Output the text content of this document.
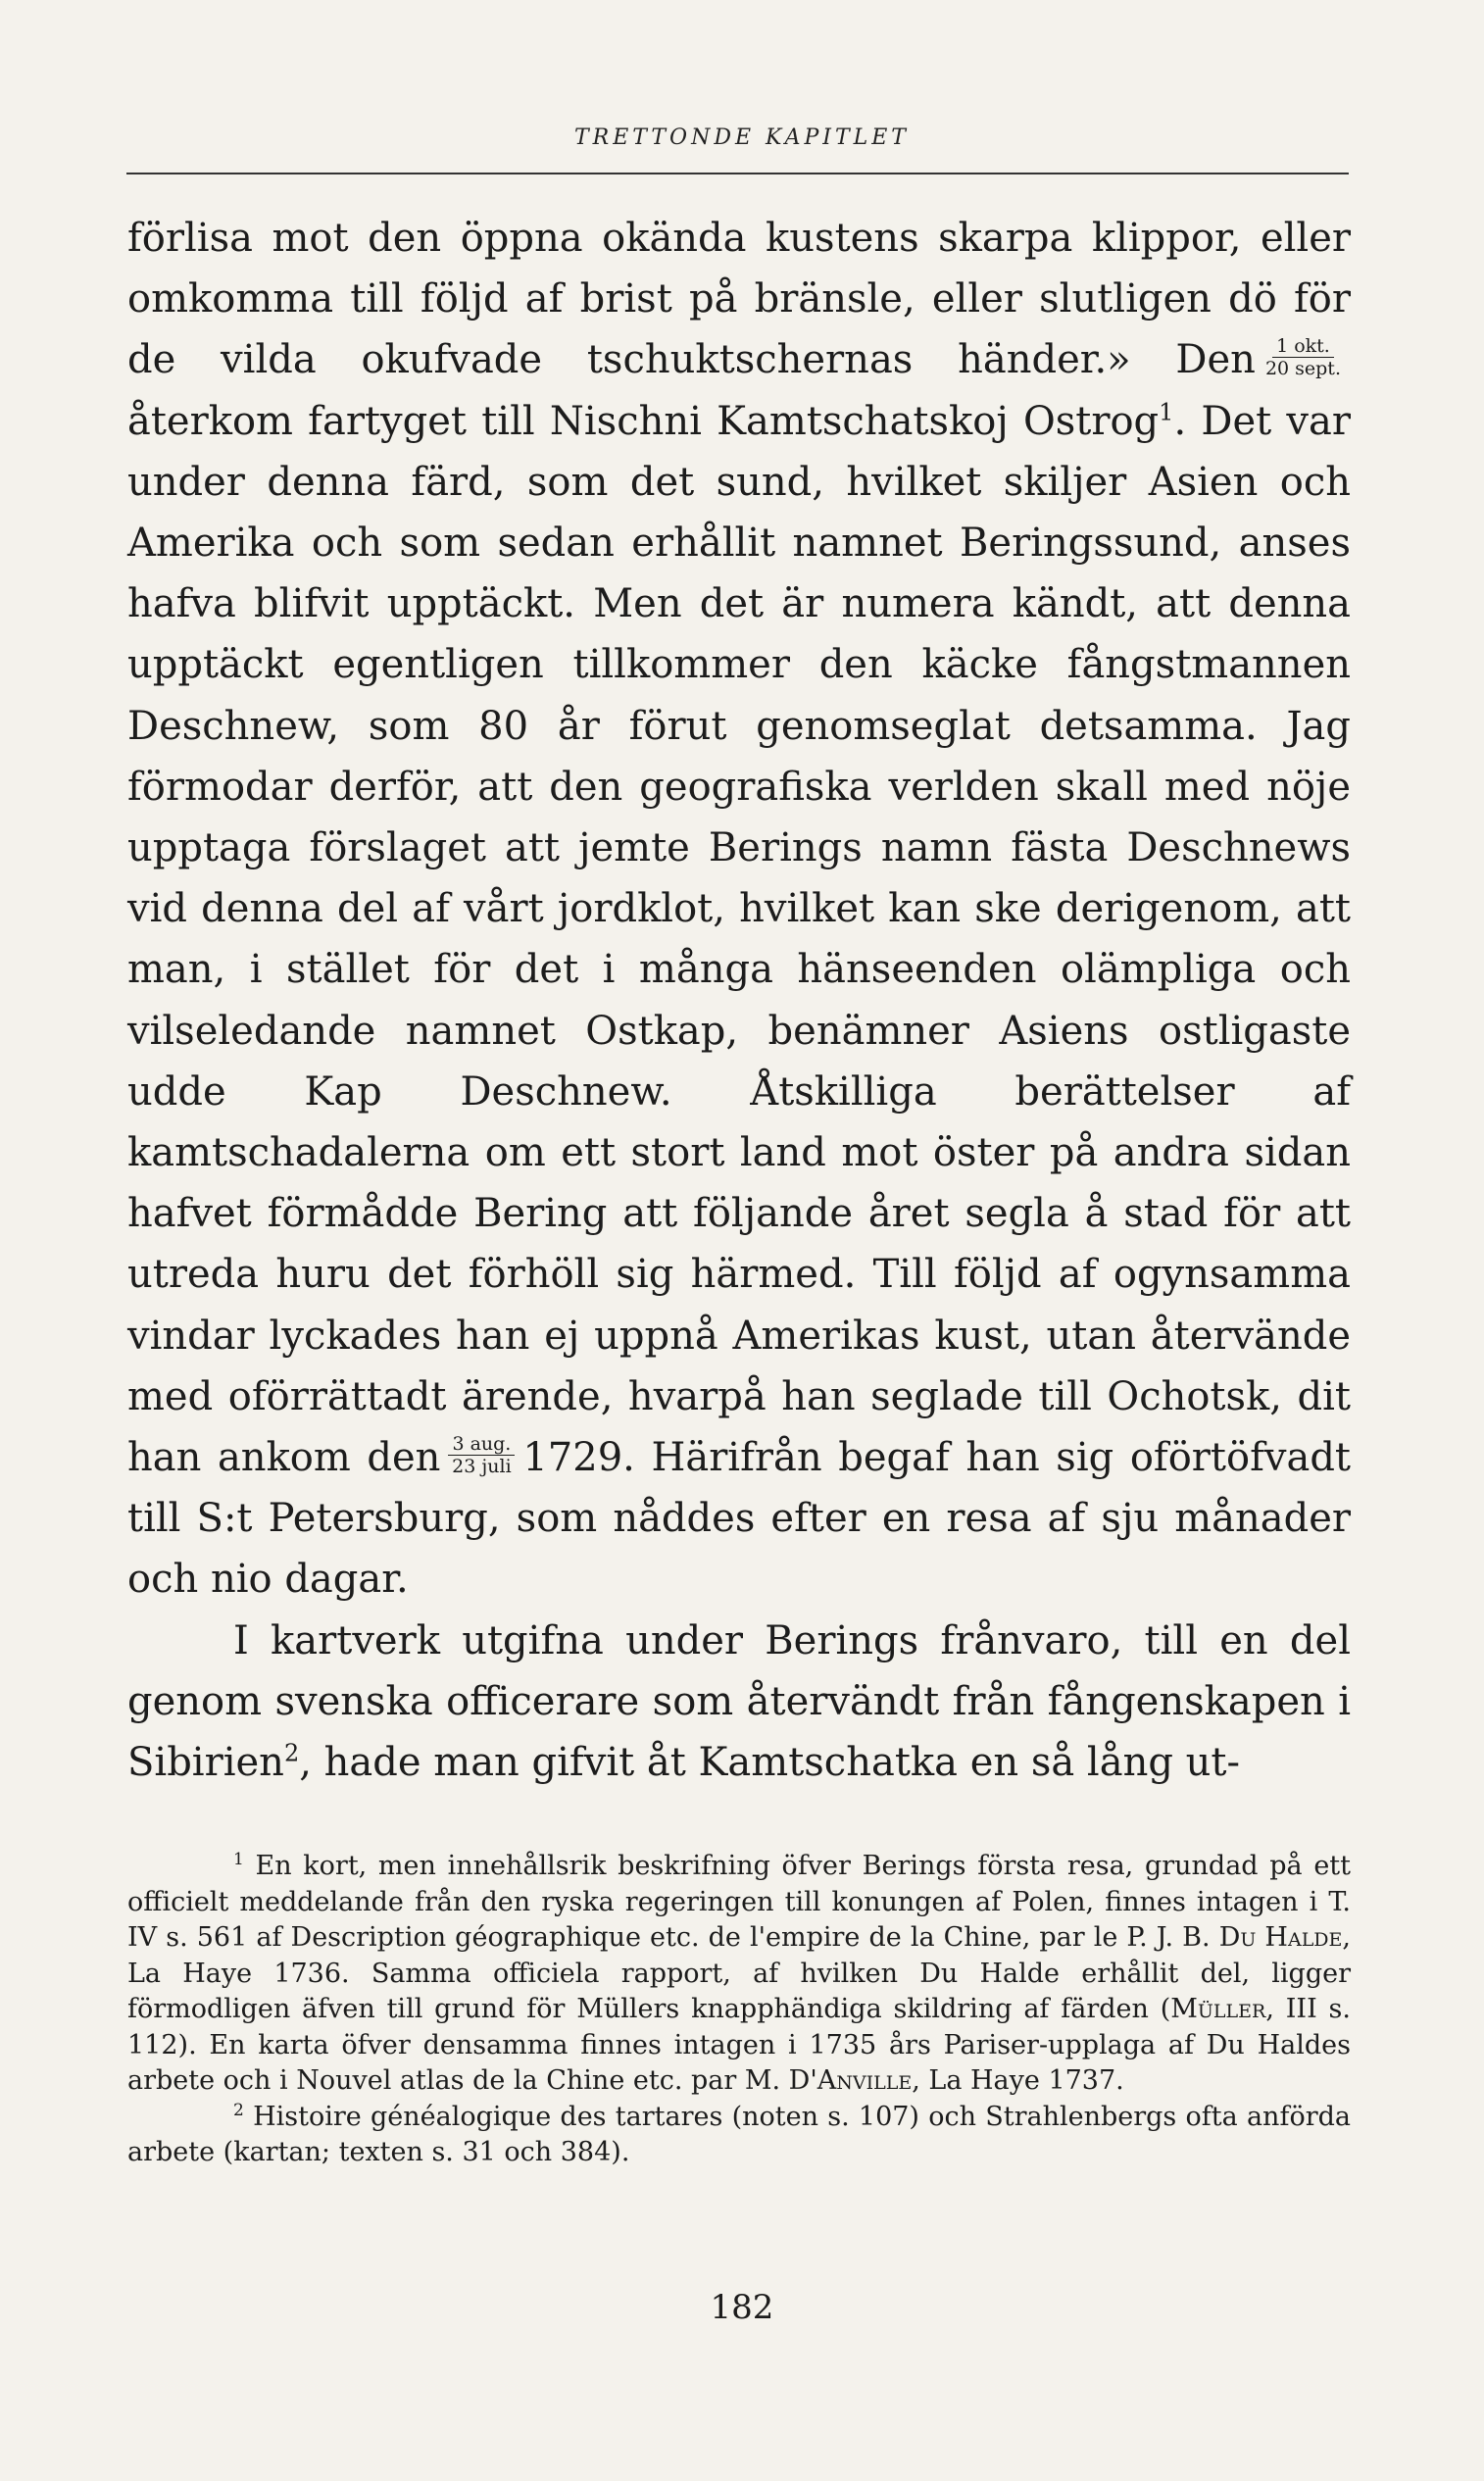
TRETTONDE KAPITLET

förlisa mot den öppna okända kustens skarpa klippor, eller omkomma till följd af brist på bränsle, eller slutligen dö för de vilda okufvade tschuktschernas händer.» Den $\frac{\text{1 okt.}}{\text{20 sept.}}$
återkom fartyget till Nischni Kamtschatskoj Ostrog$^1$. Det var under denna färd, som det sund, hvilket skiljer Asien och Amerika och som sedan erhållit namnet Beringssund, anses hafva blifvit upptäckt. Men det är numera kändt, att denna upptäckt egentligen tillkommer den käcke fångstmannen Deschnew, som 80 år förut genomseglat detsamma. Jag förmodar derför, att den geografiska verlden skall med nöje upptaga förslaget att jemte Berings namn fästa Deschnews vid denna del af vårt jordklot, hvilket kan ske derigenom, att man, i stället för det i många hänseenden olämpliga och vilseledande namnet Ostkap, benämner Asiens ostligaste udde Kap Deschnew. Åtskilliga berättelser af kamtschadalerna om ett stort land mot öster på andra sidan hafvet förmådde Bering att följande året segla å stad för att utreda huru det förhöll sig härmed. Till följd af ogynsamma vindar lyckades han ej uppnå Amerikas kust, utan återvände med oförrättadt ärende, hvarpå han seglade till Ochotsk, dit han ankom den $\frac{\text{3 aug.}}{\text{23 juli}} 1729$. Härifrån begaf han sig oförtöfvadt till S:t Petersburg, som nåddes efter en resa af sju månader och nio dagar.

I kartverk utgifna under Berings frånvaro, till en del genom svenska officerare som återvändt från fångenskapen i Sibirien$^2$, hade man gifvit åt Kamtschatka en så lång ut-

$^1$ En kort, men innehållsrik beskrifning öfver Berings första resa, grundad på ett officielt meddelande från den ryska regeringen till konungen af Polen, finnes intagen i T. IV s. 561 af Description géographique etc. de l'empire de la Chine, par le P. J. B. Du Halde, La Haye 1736. Samma officiela rapport, af hvilken Du Halde erhållit del, ligger förmodligen äfven till grund för Müllers knapphändiga skildring af färden (Müller, III s. 112). En karta öfver densamma finnes intagen i 1735 års Pariser-upplaga af Du Haldes arbete och i Nouvel atlas de la Chine etc. par M. D'Anville, La Haye 1737.

$^2$ Histoire généalogique des tartares (noten s. 107) och Strahlenbergs ofta anförda arbete (kartan; texten s. 31 och 384).

182
